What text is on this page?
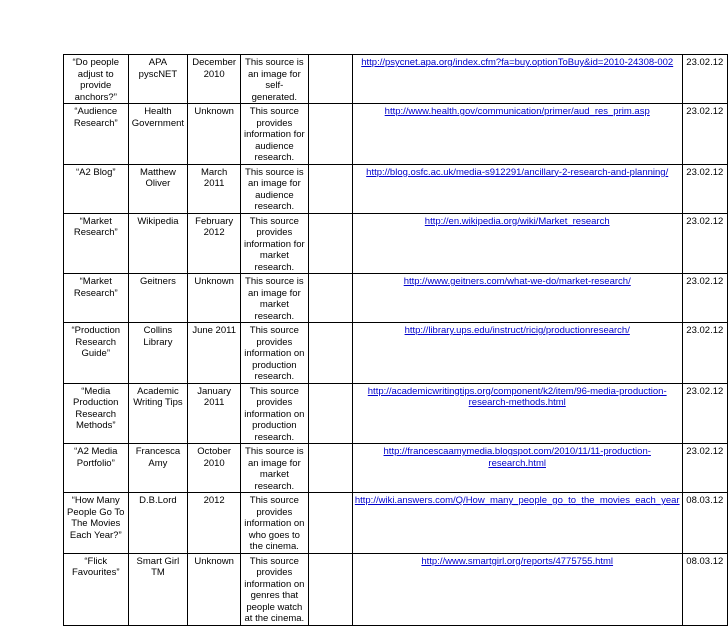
“Do people adjust to provide anchors?”	APA pyscNET	December 2010	This source is an image for self-generated.		http://psycnet.apa.org/index.cfm?fa=buy.optionToBuy&id=2010-24308-002	23.02.12
“Audience Research”	Health Government	Unknown	This source provides information for audience research.		http://www.health.gov/communication/primer/aud_res_prim.asp	23.02.12
“A2 Blog”	Matthew Oliver	March 2011	This source is an image for audience research.		http://blog.osfc.ac.uk/media-s912291/ancillary-2-research-and-planning/	23.02.12
“Market Research”	Wikipedia	February 2012	This source provides information for market research.		http://en.wikipedia.org/wiki/Market_research	23.02.12
“Market Research”	Geitners	Unknown	This source is an image for market research.		http://www.geitners.com/what-we-do/market-research/	23.02.12
“Production Research Guide”	Collins Library	June 2011	This source provides information on production research.		http://library.ups.edu/instruct/ricig/productionresearch/	23.02.12
“Media Production Research Methods”	Academic Writing Tips	January 2011	This source provides information on production research.		http://academicwritingtips.org/component/k2/item/96-media-production-research-methods.html	23.02.12
“A2 Media Portfolio”	Francesca Amy	October 2010	This source is an image for market research.		http://francescaamymedia.blogspot.com/2010/11/11-production-research.html	23.02.12
“How Many People Go To The Movies Each Year?”	D.B.Lord	2012	This source provides information on who goes to the cinema.		http://wiki.answers.com/Q/How_many_people_go_to_the_movies_each_year	08.03.12
“Flick Favourites”	Smart Girl TM	Unknown	This source provides information on genres that people watch at the cinema.		http://www.smartgirl.org/reports/4775755.html	08.03.12
